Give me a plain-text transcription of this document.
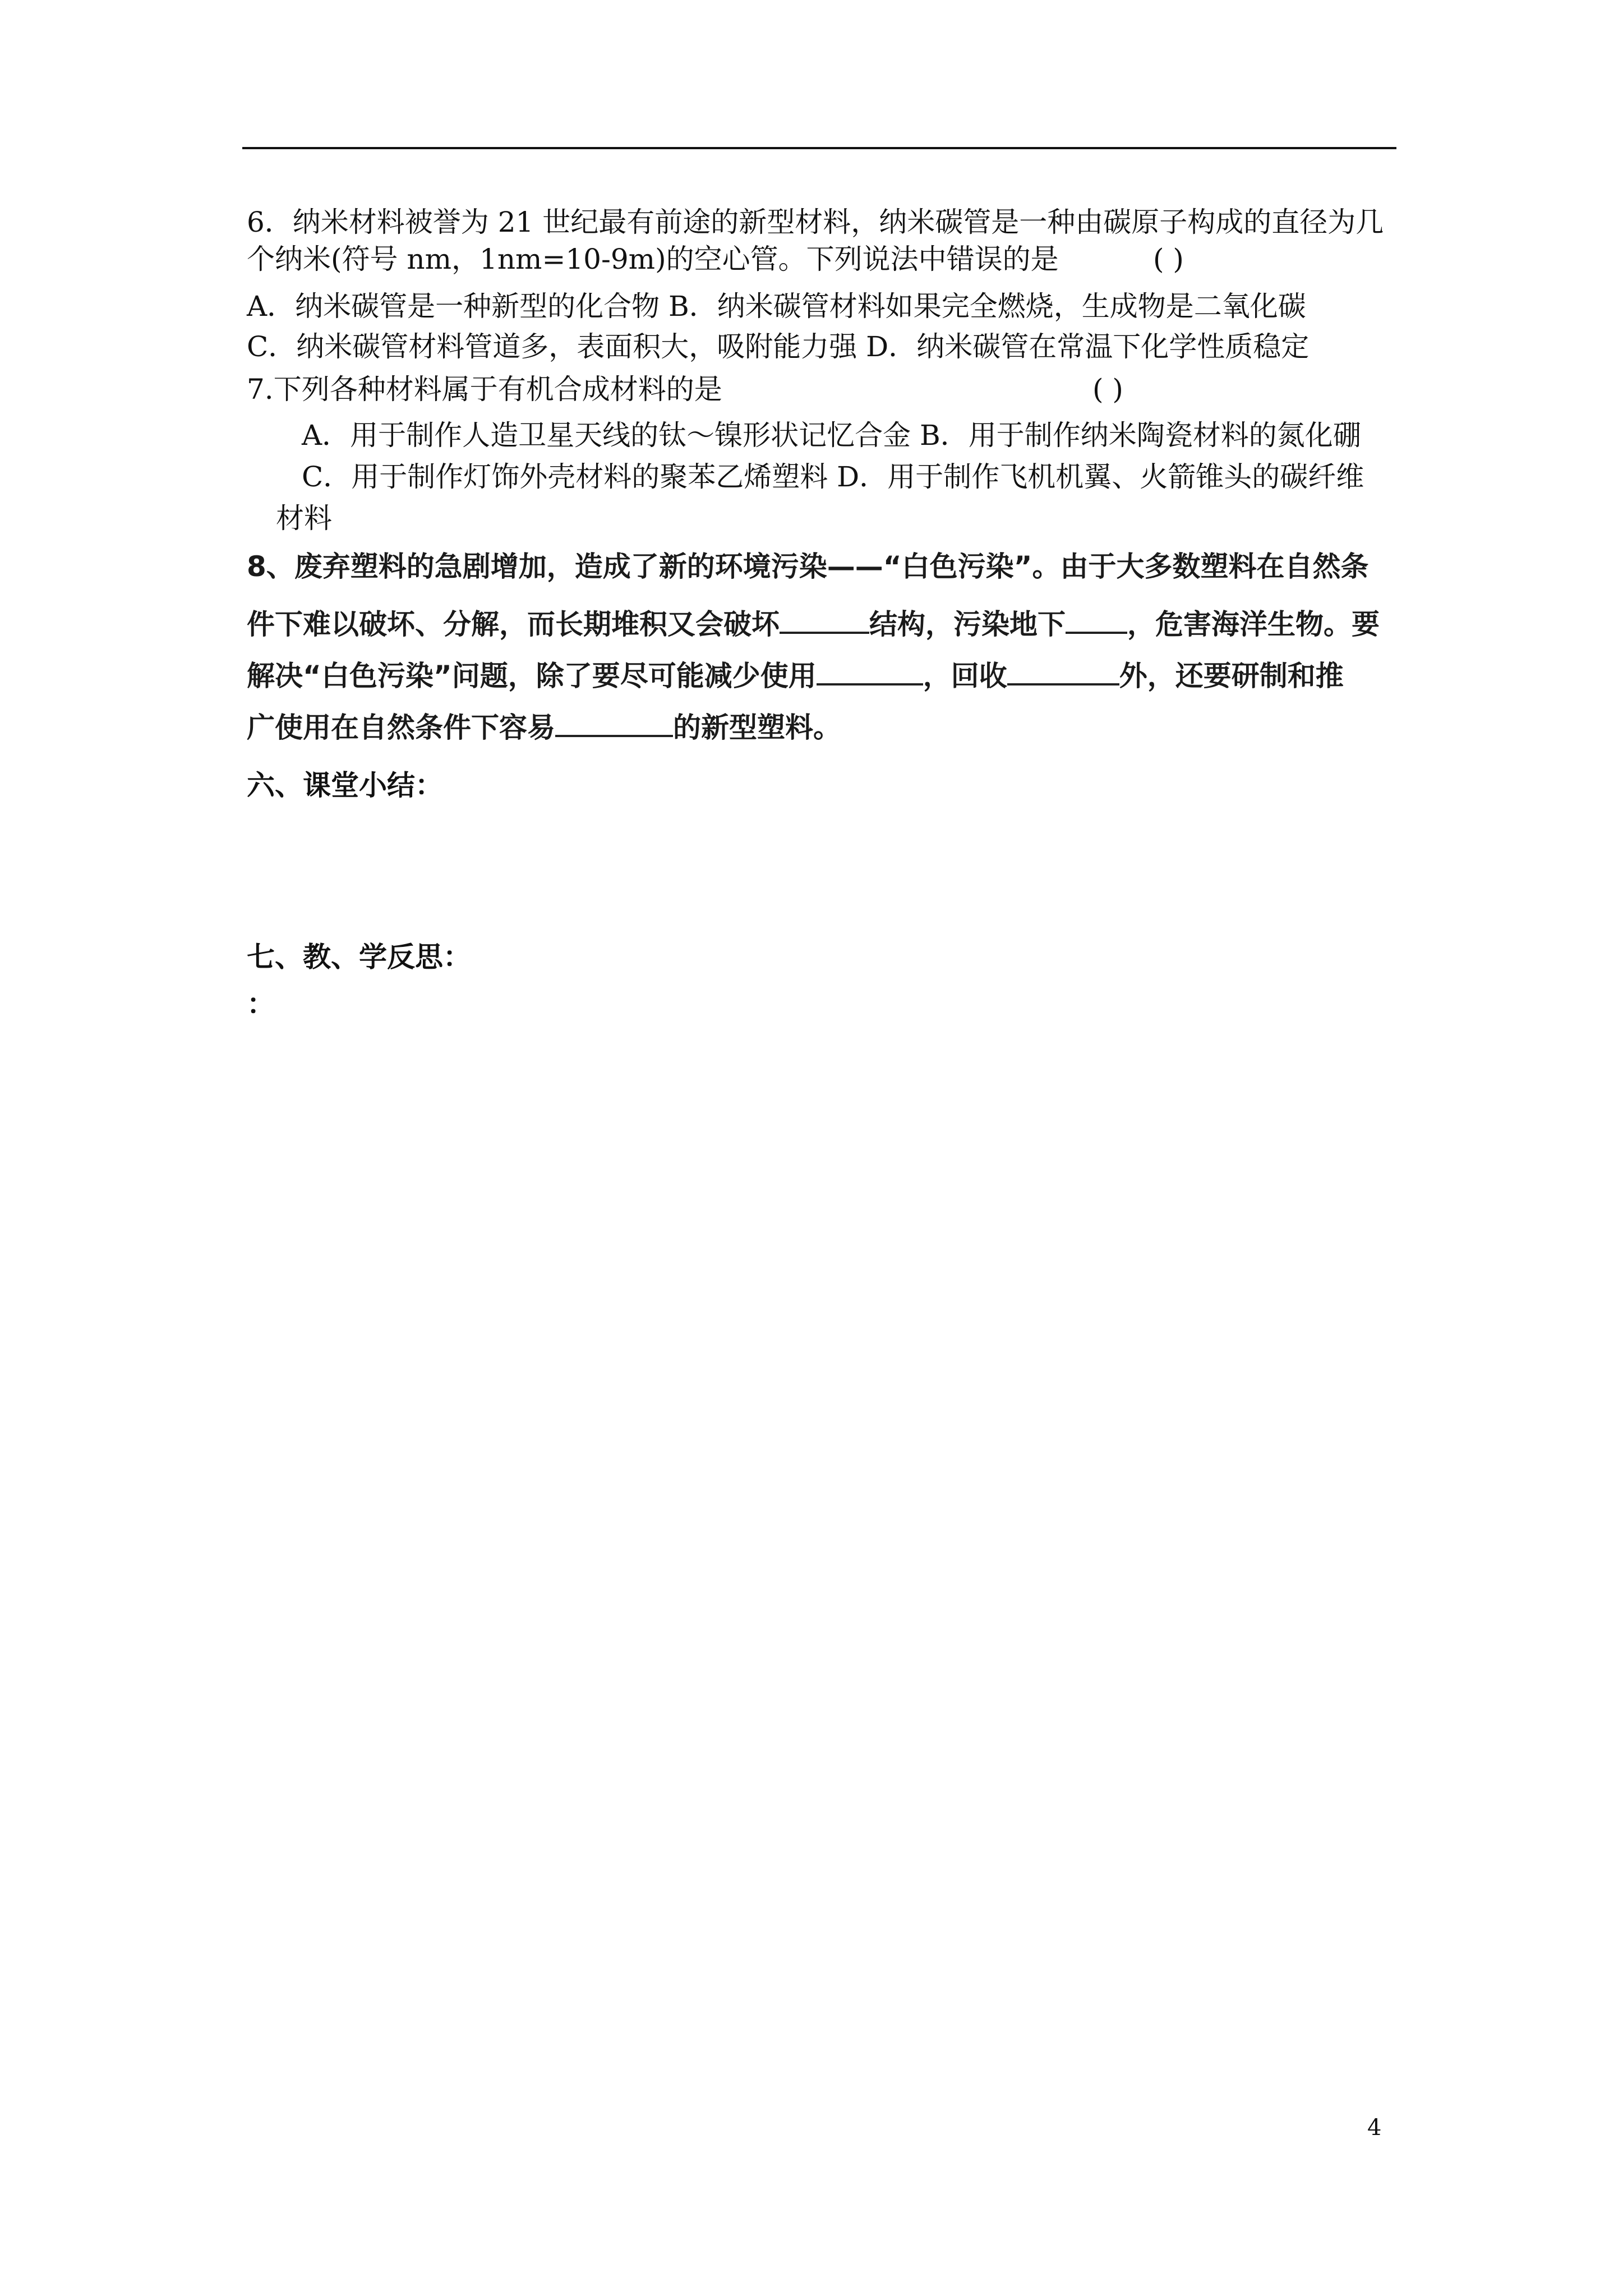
6．纳米材料被誉为 21 世纪最有前途的新型材料，纳米碳管是一种由碳原子构成的直径为几
个纳米(符号 nm，1nm=10-9m)的空心管。下列说法中错误的是	( )
A．纳米碳管是一种新型的化合物 B．纳米碳管材料如果完全燃烧，生成物是二氧化碳
C．纳米碳管材料管道多，表面积大，吸附能力强 D．纳米碳管在常温下化学性质稳定
7.下列各种材料属于有机合成材料的是	( )
A．用于制作人造卫星天线的钛～镍形状记忆合金 B．用于制作纳米陶瓷材料的氮化硼
C．用于制作灯饰外壳材料的聚苯乙烯塑料 D．用于制作飞机机翼、火箭锥头的碳纤维
材料
8、废弃塑料的急剧增加，造成了新的环境污染——“白色污染”。由于大多数塑料在自然条
件下难以破坏、分解，而长期堆积又会破坏	结构，污染地下 ，危害海洋生物。要
解决“白色污染”问题，除了要尽可能减少使用	，回收	外，还要研制和推
广使用在自然条件下容易	的新型塑料。
六、课堂小结：
七、教、学反思：
：
4
